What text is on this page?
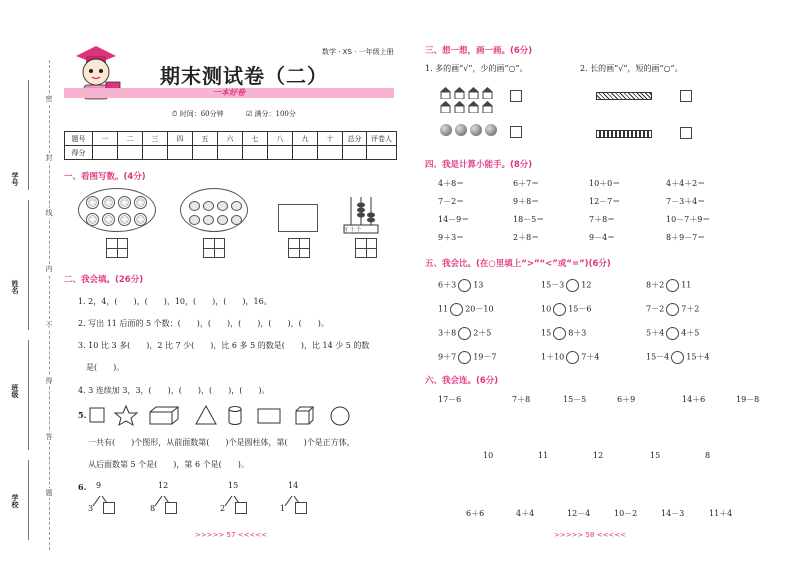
密
封
线
内
不
得
答
题
学号
姓名
班级
学校
数学 · XS · 一年级上册
期末测试卷（二）
一本好卷
⏱ 时间：60分钟	☑ 满分：100分
题号	一	二	三	四	五	六	七	八	九	十	总分	评卷人
得分												
一、看图写数。(4分)
百 十 个
二、我会填。(26分)
1. 2，4，(　　)，(　　)，10，(　　)，(　　)，16。
2. 写出 11 后面的 5 个数：(　　)，(　　)，(　　)，(　　)，(　　)。
3. 10 比 3 多(　　)，2 比 7 少(　　)，比 6 多 5 的数是(　　)，比 14 少 5 的数
是(　　)。
4. 3 连续加 3，3，(　　)，(　　)，(　　)，(　　)。
5.
一共有(　　)个图形，从前面数第(　　)个是圆柱体，第(　　)个是正方体，
从后面数第 5 个是(　　)，第 6 个是(　　)。
6. 9
3
12
8
15
2
14
1
>>>>> 57 <<<<<
三、想一想，画一画。(6分)
1. 多的画“√”，少的画“○”。	2. 长的画“√”，短的画“○”。
四、我是计算小能手。(8分)
4＋8＝	6＋7＝	10＋0＝	4＋4＋2＝
7－2＝	9＋8＝	12－7＝	7－3＋4＝
14－9＝	18－5＝	7＋8＝	10－7＋9＝
9＋3＝	2＋8＝	9－4＝	8＋9－7＝
五、我会比。(在○里填上“>”“<”或“=”)(6分)
6＋3 13	15－3 12	8＋2 11
11 20－10	10 15－6	7－2 7＋2
3＋8 2＋5	15 8＋3	5＋4 4＋5
9＋7 19－7	1＋10 7＋4	15－4 15＋4
六、我会连。(6分)
17－6	7＋8	15－5	6＋9	14＋6	19－8
10	11	12	15	8
6＋6	4＋4	12－4	10－2	14－3	11＋4
>>>>> 58 <<<<<
